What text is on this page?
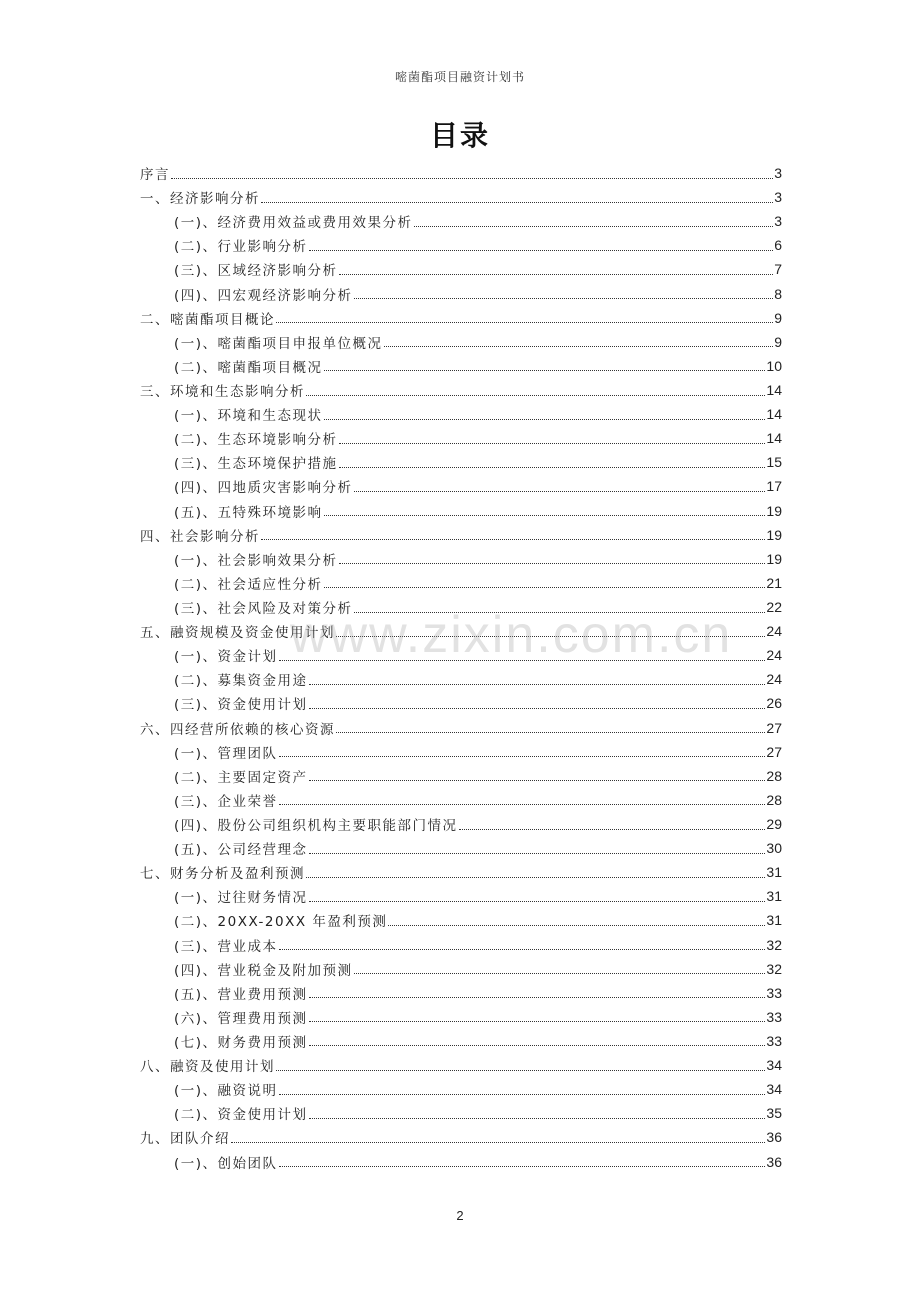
嘧菌酯项目融资计划书
目录
序言	3
一、经济影响分析	3
(一)、经济费用效益或费用效果分析	3
(二)、行业影响分析	6
(三)、区域经济影响分析	7
(四)、四宏观经济影响分析	8
二、嘧菌酯项目概论	9
(一)、嘧菌酯项目申报单位概况	9
(二)、嘧菌酯项目概况	10
三、环境和生态影响分析	14
(一)、环境和生态现状	14
(二)、生态环境影响分析	14
(三)、生态环境保护措施	15
(四)、四地质灾害影响分析	17
(五)、五特殊环境影响	19
四、社会影响分析	19
(一)、社会影响效果分析	19
(二)、社会适应性分析	21
(三)、社会风险及对策分析	22
五、融资规模及资金使用计划	24
(一)、资金计划	24
(二)、募集资金用途	24
(三)、资金使用计划	26
六、四经营所依赖的核心资源	27
(一)、管理团队	27
(二)、主要固定资产	28
(三)、企业荣誉	28
(四)、股份公司组织机构主要职能部门情况	29
(五)、公司经营理念	30
七、财务分析及盈利预测	31
(一)、过往财务情况	31
(二)、20XX-20XX 年盈利预测	31
(三)、营业成本	32
(四)、营业税金及附加预测	32
(五)、营业费用预测	33
(六)、管理费用预测	33
(七)、财务费用预测	33
八、融资及使用计划	34
(一)、融资说明	34
(二)、资金使用计划	35
九、团队介绍	36
(一)、创始团队	36
www.zixin.com.cn
2
